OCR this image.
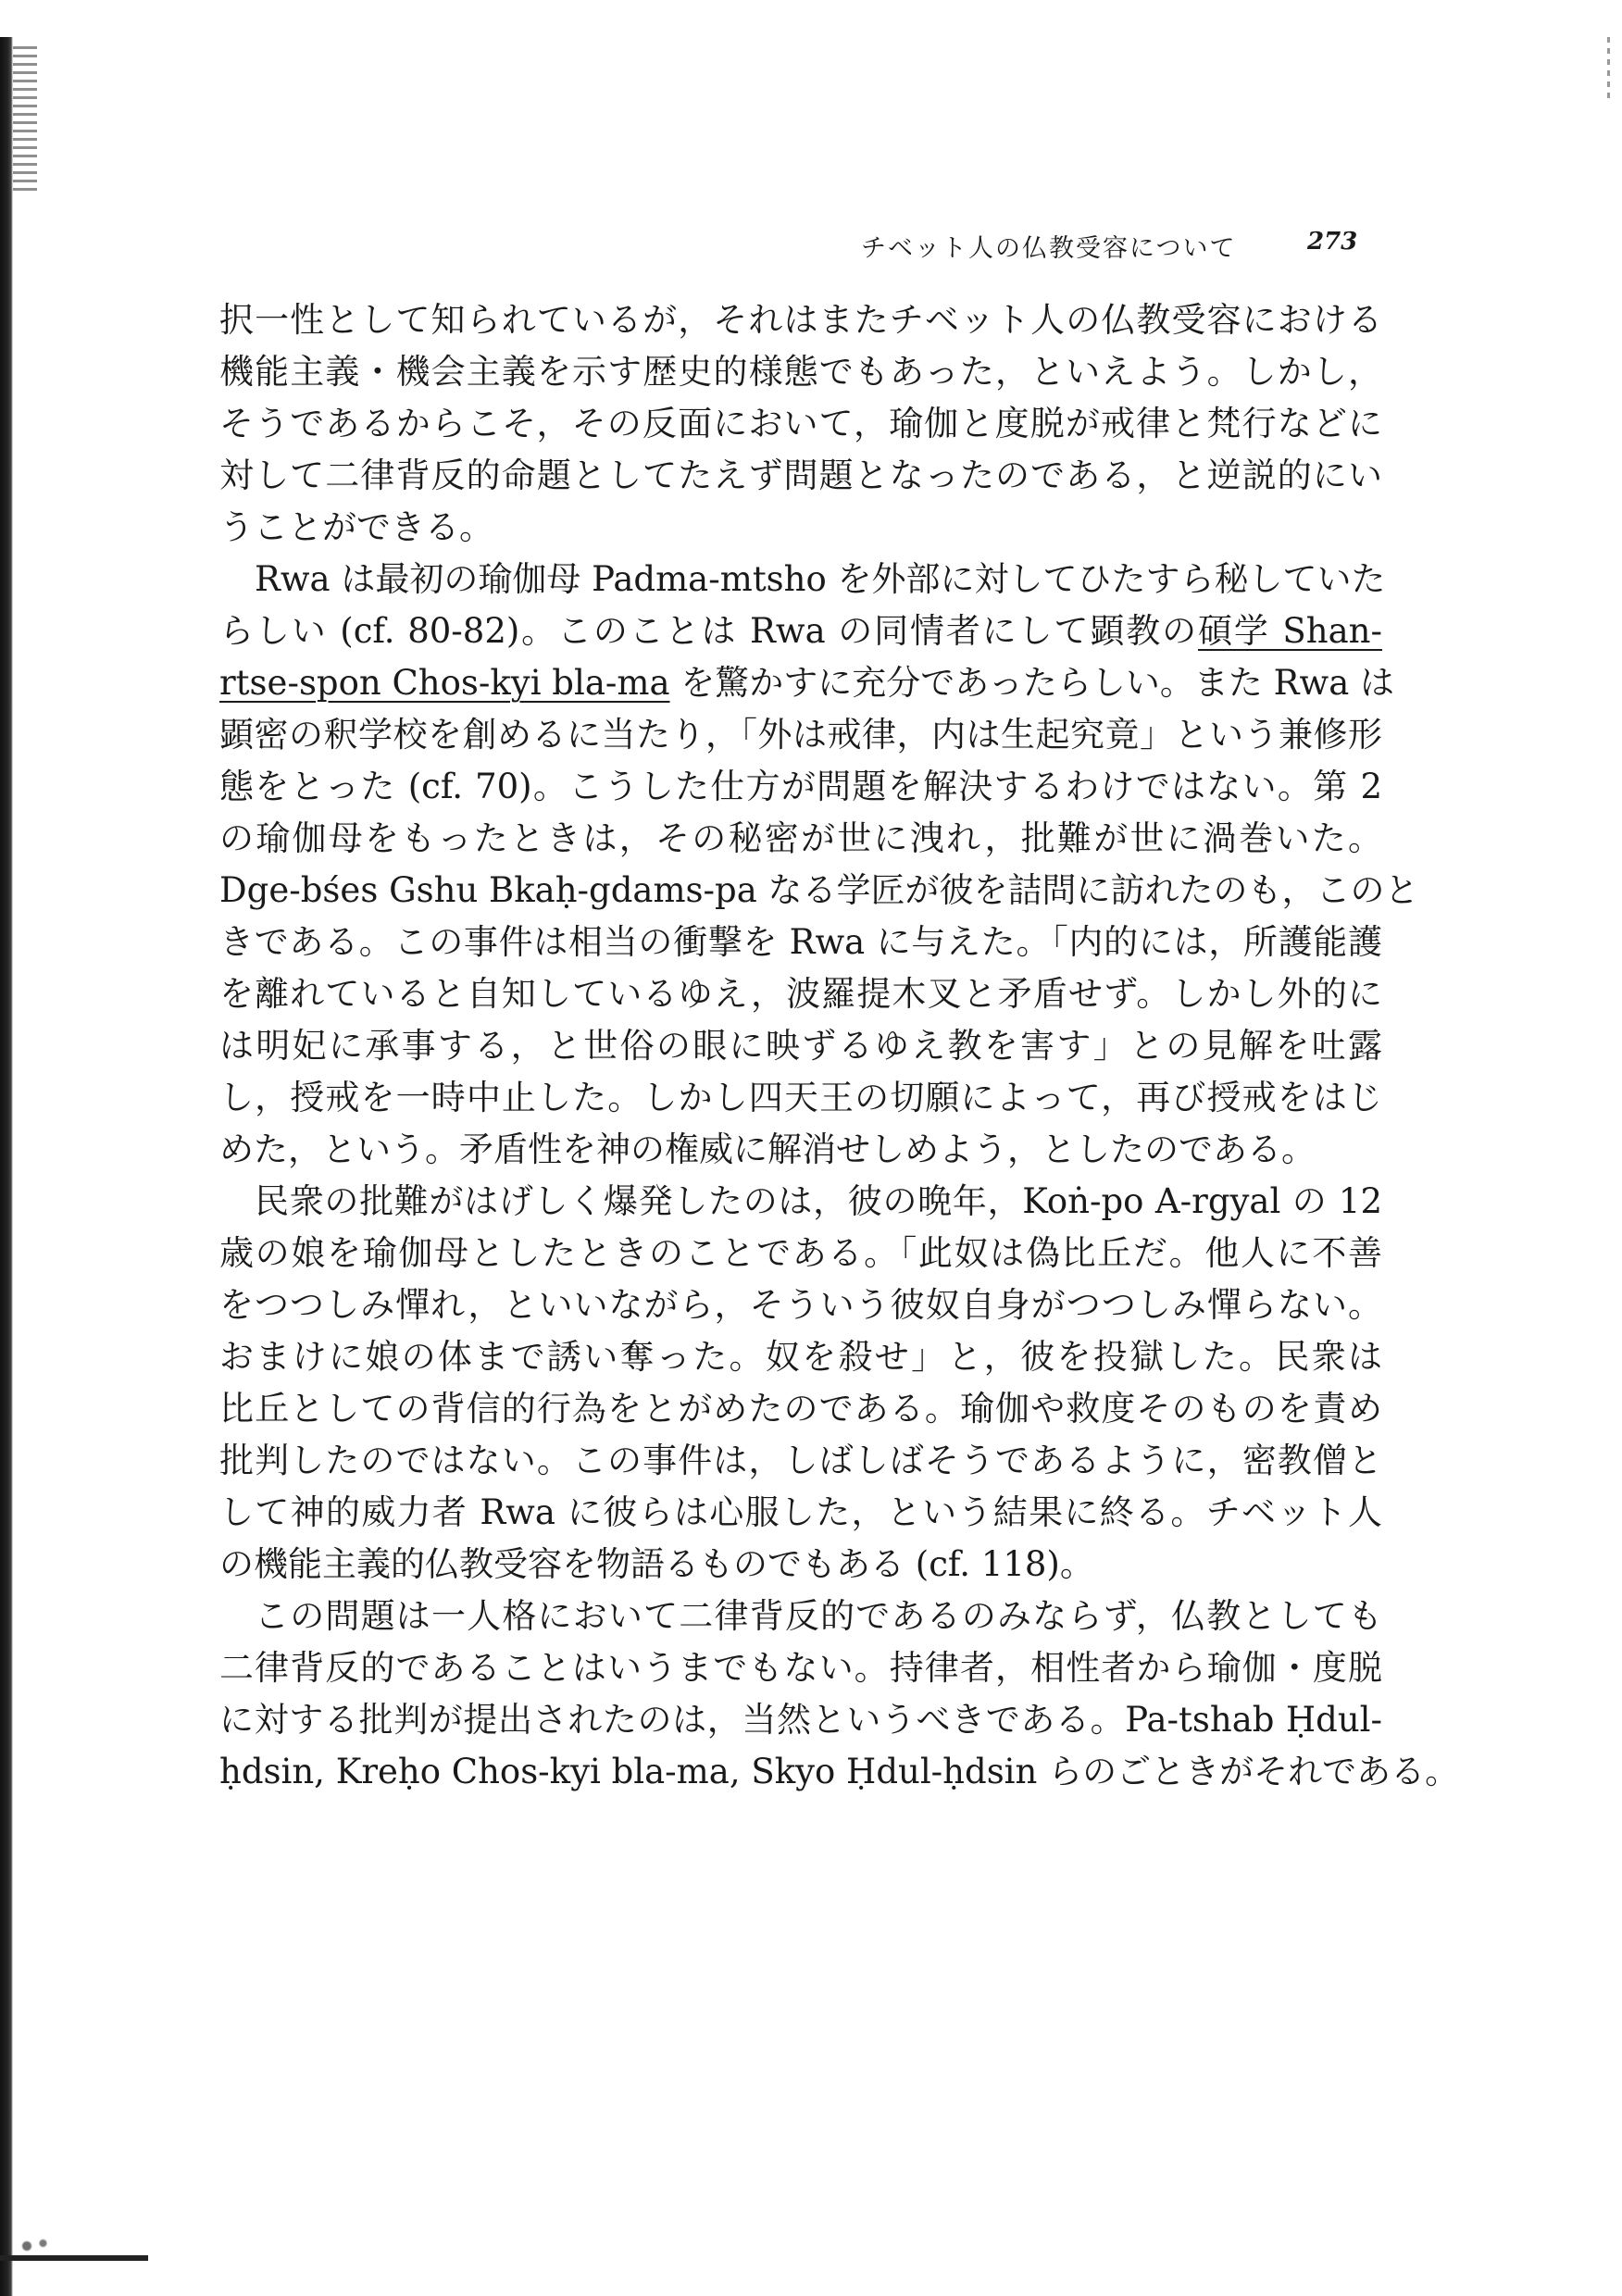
チベット人の仏教受容について	273
択一性として知られているが，それはまたチベット人の仏教受容における
機能主義・機会主義を示す歴史的様態でもあった，といえよう。しかし，
そうであるからこそ，その反面において，瑜伽と度脱が戒律と梵行などに
対して二律背反的命題としてたえず問題となったのである，と逆説的にい
うことができる。
Rwa は最初の瑜伽母 Padma-mtsho を外部に対してひたすら秘していた
らしい (cf. 80-82)。このことは Rwa の同情者にして顕教の碩学 Shan-
rtse-spon Chos-kyi bla-ma を驚かすに充分であったらしい。また Rwa は
顕密の釈学校を創めるに当たり，「外は戒律，内は生起究竟」という兼修形
態をとった (cf. 70)。こうした仕方が問題を解決するわけではない。第 2
の瑜伽母をもったときは，その秘密が世に洩れ，批難が世に渦巻いた。
Dge-bśes Gshu Bkaḥ-gdams-pa なる学匠が彼を詰問に訪れたのも，このと
きである。この事件は相当の衝撃を Rwa に与えた。「内的には，所護能護
を離れていると自知しているゆえ，波羅提木叉と矛盾せず。しかし外的に
は明妃に承事する，と世俗の眼に映ずるゆえ教を害す」との見解を吐露
し，授戒を一時中止した。しかし四天王の切願によって，再び授戒をはじ
めた，という。矛盾性を神の権威に解消せしめよう，としたのである。
民衆の批難がはげしく爆発したのは，彼の晩年，Koṅ-po A-rgyal の 12
歳の娘を瑜伽母としたときのことである。「此奴は偽比丘だ。他人に不善
をつつしみ憚れ，といいながら，そういう彼奴自身がつつしみ憚らない。
おまけに娘の体まで誘い奪った。奴を殺せ」と，彼を投獄した。民衆は
比丘としての背信的行為をとがめたのである。瑜伽や救度そのものを責め
批判したのではない。この事件は，しばしばそうであるように，密教僧と
して神的威力者 Rwa に彼らは心服した，という結果に終る。チベット人
の機能主義的仏教受容を物語るものでもある (cf. 118)。
この問題は一人格において二律背反的であるのみならず，仏教としても
二律背反的であることはいうまでもない。持律者，相性者から瑜伽・度脱
に対する批判が提出されたのは，当然というべきである。Pa-tshab Ḥdul-
ḥdsin, Kreḥo Chos-kyi bla-ma, Skyo Ḥdul-ḥdsin らのごときがそれである。
